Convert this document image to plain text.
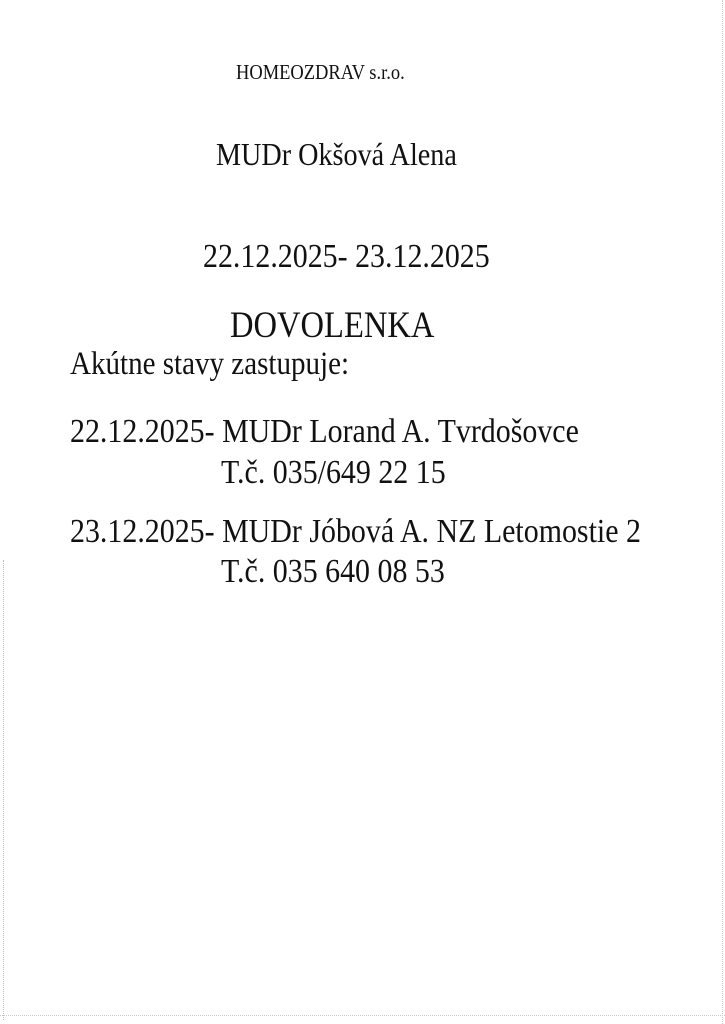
HOMEOZDRAV s.r.o.
MUDr Okšová Alena
22.12.2025- 23.12.2025
DOVOLENKA
Akútne stavy zastupuje:
22.12.2025- MUDr Lorand A. Tvrdošovce
T.č. 035/649 22 15
23.12.2025- MUDr Jóbová A. NZ Letomostie 2
T.č. 035 640 08 53
